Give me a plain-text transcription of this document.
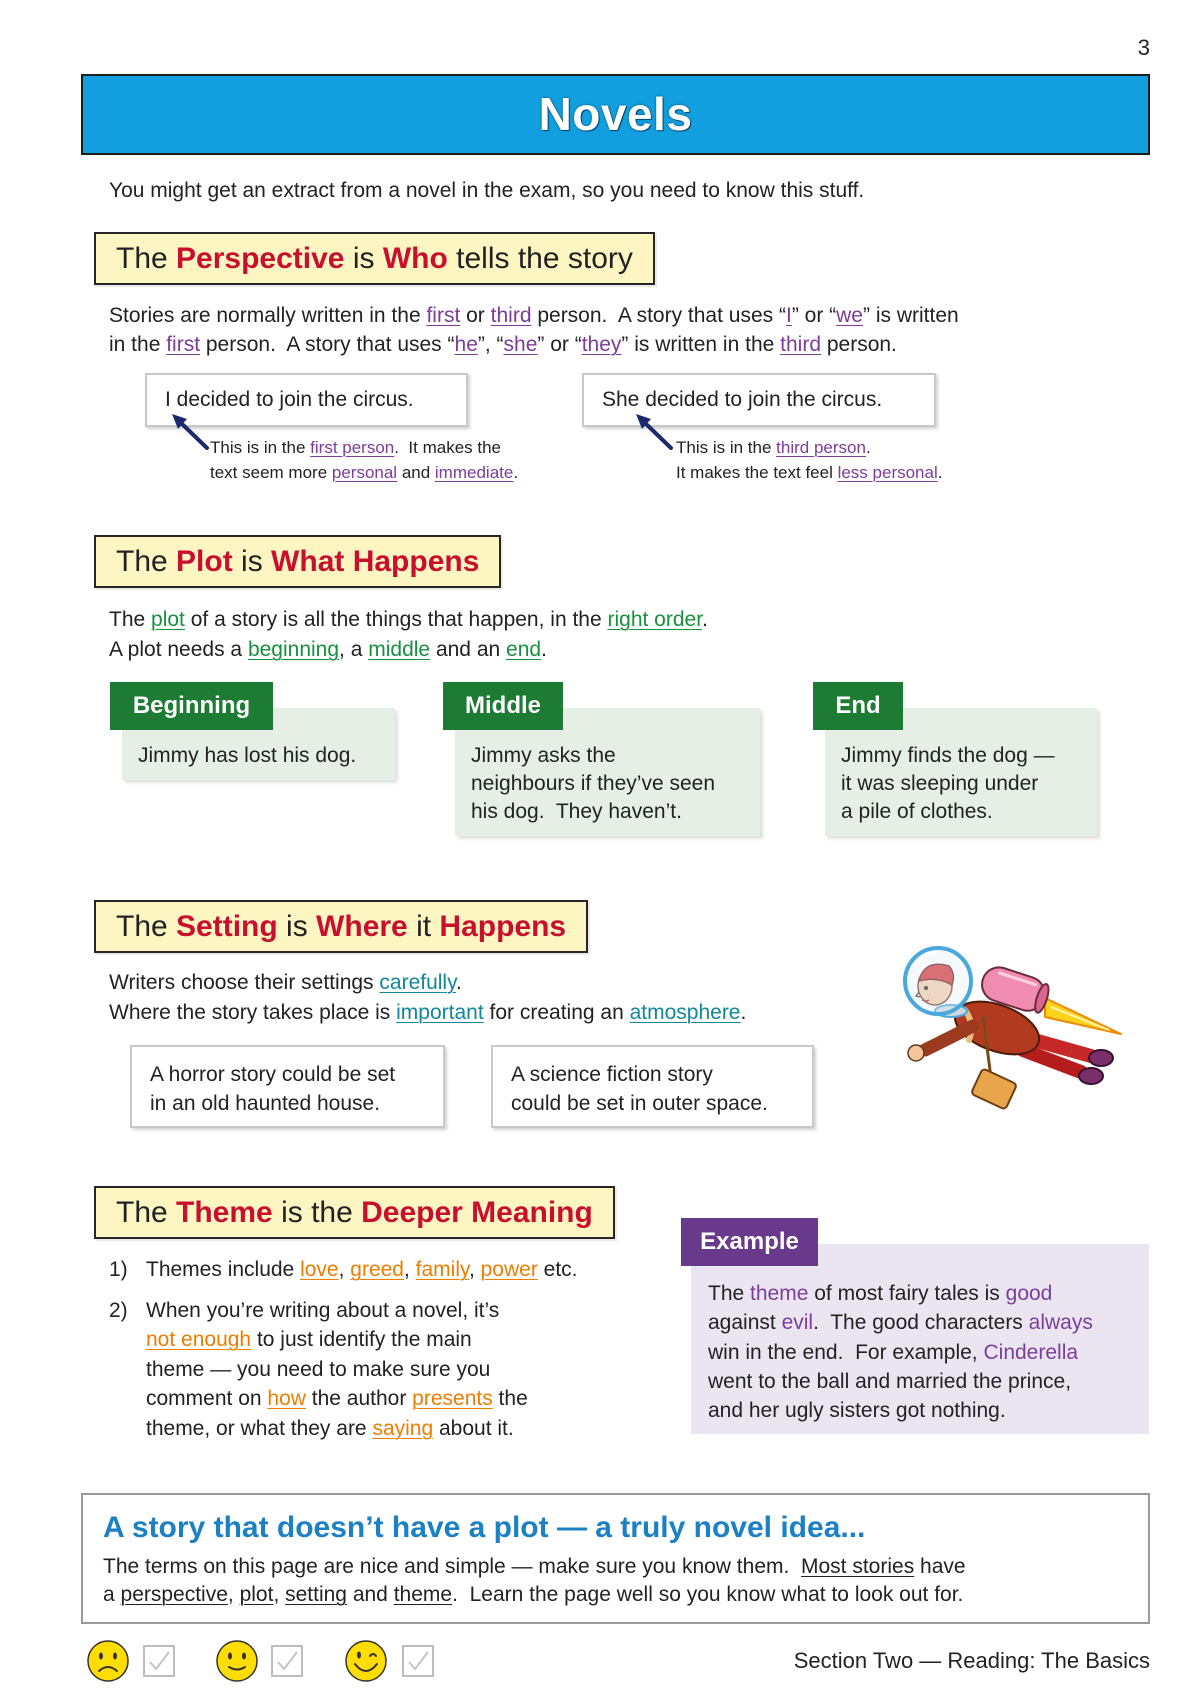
3
Novels
You might get an extract from a novel in the exam, so you need to know this stuff.
The Perspective is Who tells the story
Stories are normally written in the first or third person.  A story that uses “I” or “we” is written
in the first person.  A story that uses “he”, “she” or “they” is written in the third person.
I decided to join the circus.	She decided to join the circus.
This is in the first person.  It makes the
text seem more personal and immediate.
This is in the third person.
It makes the text feel less personal.
The Plot is What Happens
The plot of a story is all the things that happen, in the right order.
A plot needs a beginning, a middle and an end.
Beginning
Jimmy has lost his dog.
Middle
Jimmy asks the
neighbours if they’ve seen
his dog.  They haven’t.
End
Jimmy finds the dog —
it was sleeping under
a pile of clothes.
The Setting is Where it Happens
Writers choose their settings carefully.
Where the story takes place is important for creating an atmosphere.
A horror story could be set
in an old haunted house.
A science fiction story
could be set in outer space.
The Theme is the Deeper Meaning
1) Themes include love, greed, family, power etc.
2) When you’re writing about a novel, it’s
not enough to just identify the main
theme — you need to make sure you
comment on how the author presents the
theme, or what they are saying about it.
Example
The theme of most fairy tales is good
against evil.  The good characters always
win in the end.  For example, Cinderella
went to the ball and married the prince,
and her ugly sisters got nothing.
A story that doesn’t have a plot — a truly novel idea...
The terms on this page are nice and simple — make sure you know them.  Most stories have
a perspective, plot, setting and theme.  Learn the page well so you know what to look out for.
Section Two — Reading: The Basics
